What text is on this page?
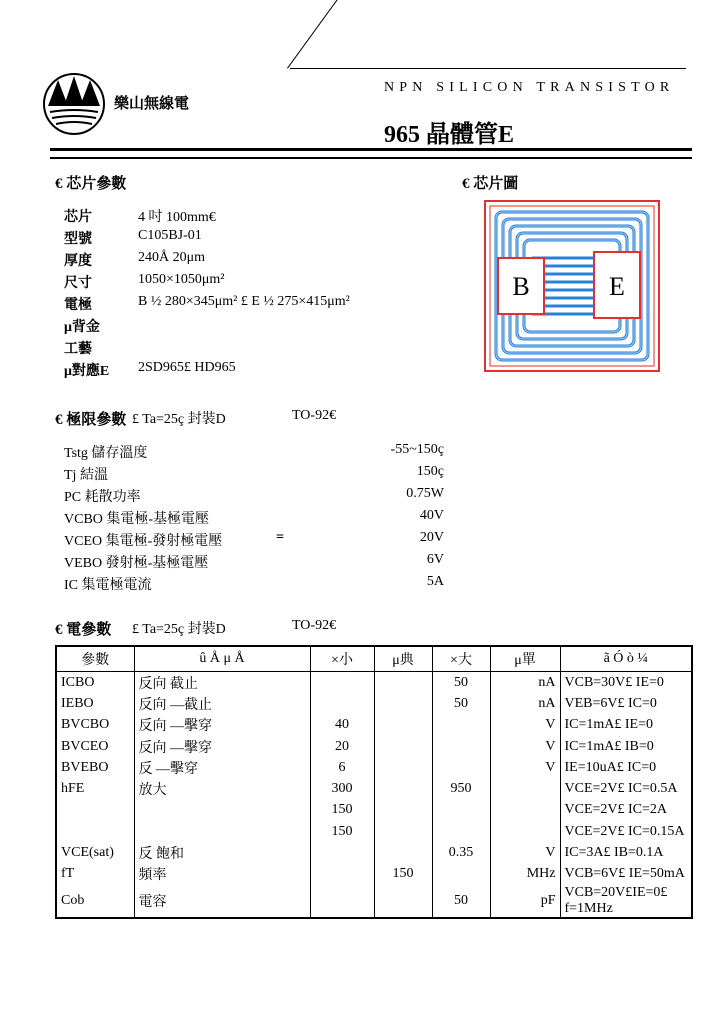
樂山無線電
NPN SILICON TRANSISTOR
965 晶體管E
€ 芯片參數
芯片	4 吋 100mm€
型號	C105BJ-01
厚度	240Å 20μm
尺寸	1050×1050μm²
電極	B ½ 280×345μm² £ E ½ 275×415μm²
μ背金
工藝
μ對應E 2SD965£ HD965
€ 芯片圖
B	E
€ 極限參數 £ Ta=25ç 封裝D	TO-92€
Tstg 儲存溫度	-55~150ç
Tj 結溫	150ç
PC 耗散功率	0.75W
VCBO 集電極-基極電壓	40V
VCEO 集電極-發射極電壓	=	20V
VEBO 發射極-基極電壓	6V
IC 集電極電流	5A
€ 電參數 £ Ta=25ç 封裝D	TO-92€
參數	û Å μ Å	×小	μ典	×大	μ單	ã Ó ò ¼
ICBO	反向 截止			50	nA	VCB=30V£ IE=0
IEBO	反向 —截止			50	nA	VEB=6V£ IC=0
BVCBO	反向 —擊穿	40			V	IC=1mA£ IE=0
BVCEO	反向 —擊穿	20			V	IC=1mA£ IB=0
BVEBO	反 —擊穿	6			V	IE=10uA£ IC=0
hFE	放大	300		950		VCE=2V£ IC=0.5A
		150				VCE=2V£ IC=2A
		150				VCE=2V£ IC=0.15A
VCE(sat)	反 飽和			0.35	V	IC=3A£ IB=0.1A
fT	頻率		150		MHz	VCB=6V£ IE=50mA
Cob	電容			50	pF	VCB=20V£IE=0£ f=1MHz
